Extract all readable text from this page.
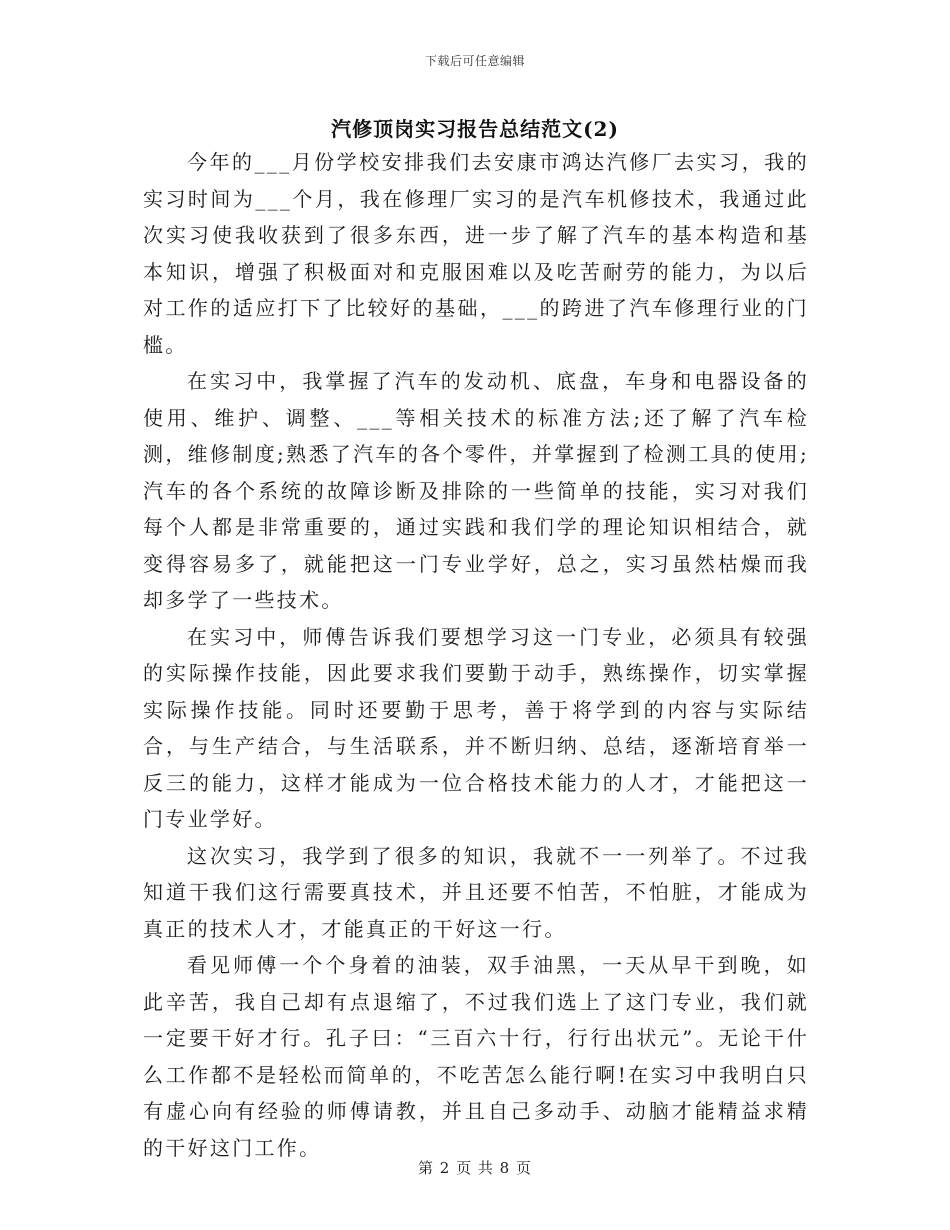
下载后可任意编辑
汽修顶岗实习报告总结范文(2)

今年的___月份学校安排我们去安康市鸿达汽修厂去实习，我的实习时间为___个月，我在修理厂实习的是汽车机修技术，我通过此次实习使我收获到了很多东西，进一步了解了汽车的基本构造和基本知识，增强了积极面对和克服困难以及吃苦耐劳的能力，为以后对工作的适应打下了比较好的基础，___的跨进了汽车修理行业的门槛。

在实习中，我掌握了汽车的发动机、底盘，车身和电器设备的使用、维护、调整、___等相关技术的标准方法;还了解了汽车检测，维修制度;熟悉了汽车的各个零件，并掌握到了检测工具的使用;汽车的各个系统的故障诊断及排除的一些简单的技能，实习对我们每个人都是非常重要的，通过实践和我们学的理论知识相结合，就变得容易多了，就能把这一门专业学好，总之，实习虽然枯燥而我却多学了一些技术。

在实习中，师傅告诉我们要想学习这一门专业，必须具有较强的实际操作技能，因此要求我们要勤于动手，熟练操作，切实掌握实际操作技能。同时还要勤于思考，善于将学到的内容与实际结合，与生产结合，与生活联系，并不断归纳、总结，逐渐培育举一反三的能力，这样才能成为一位合格技术能力的人才，才能把这一门专业学好。

这次实习，我学到了很多的知识，我就不一一列举了。不过我知道干我们这行需要真技术，并且还要不怕苦，不怕脏，才能成为真正的技术人才，才能真正的干好这一行。

看见师傅一个个身着的油装，双手油黑，一天从早干到晚，如此辛苦，我自己却有点退缩了，不过我们选上了这门专业，我们就一定要干好才行。孔子曰：“三百六十行，行行出状元”。无论干什么工作都不是轻松而简单的，不吃苦怎么能行啊!在实习中我明白只有虚心向有经验的师傅请教，并且自己多动手、动脑才能精益求精的干好这门工作。

第 2 页 共 8 页
